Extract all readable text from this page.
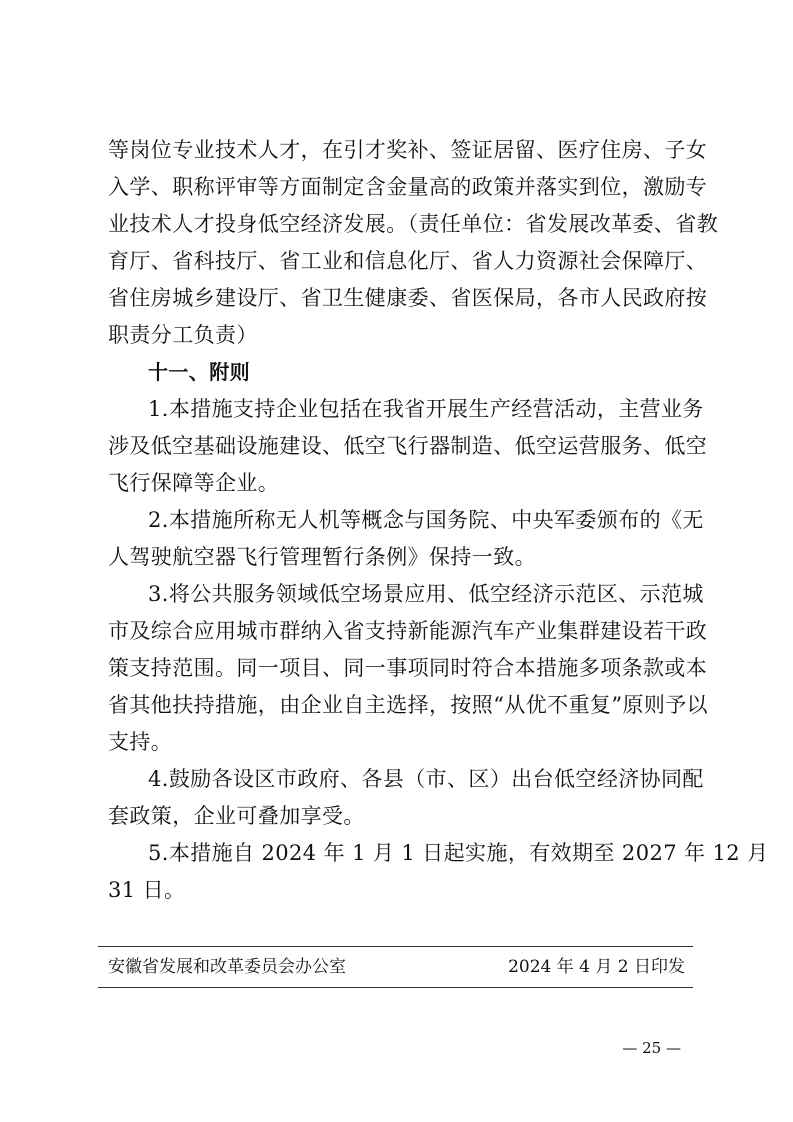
等岗位专业技术人才，在引才奖补、签证居留、医疗住房、子女
入学、职称评审等方面制定含金量高的政策并落实到位，激励专
业技术人才投身低空经济发展。（责任单位：省发展改革委、省教
育厅、省科技厅、省工业和信息化厅、省人力资源社会保障厅、
省住房城乡建设厅、省卫生健康委、省医保局，各市人民政府按
职责分工负责）
十一、附则
1.本措施支持企业包括在我省开展生产经营活动，主营业务
涉及低空基础设施建设、低空飞行器制造、低空运营服务、低空
飞行保障等企业。
2.本措施所称无人机等概念与国务院、中央军委颁布的《无
人驾驶航空器飞行管理暂行条例》保持一致。
3.将公共服务领域低空场景应用、低空经济示范区、示范城
市及综合应用城市群纳入省支持新能源汽车产业集群建设若干政
策支持范围。同一项目、同一事项同时符合本措施多项条款或本
省其他扶持措施，由企业自主选择，按照“从优不重复”原则予以
支持。
4.鼓励各设区市政府、各县（市、区）出台低空经济协同配
套政策，企业可叠加享受。
5.本措施自 2024 年 1 月 1 日起实施，有效期至 2027 年 12 月
安徽省发展和改革委员会办公室	2024 年 4 月 2 日印发
— 25 —
31 日。
